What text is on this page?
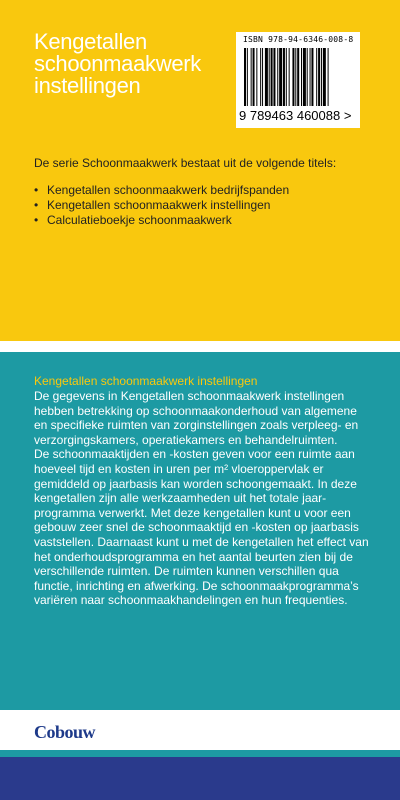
Kengetallen
schoonmaakwerk
instellingen
ISBN 978-94-6346-008-8
9 789463 460088 >

De serie Schoonmaakwerk bestaat uit de volgende titels:

• Kengetallen schoonmaakwerk bedrijfspanden
• Kengetallen schoonmaakwerk instellingen
• Calculatieboekje schoonmaakwerk
Kengetallen schoonmaakwerk instellingen

De gegevens in Kengetallen schoonmaakwerk instellingen
hebben betrekking op schoonmaakonderhoud van algemene
en specifieke ruimten van zorginstellingen zoals verpleeg- en
verzorgingskamers, operatiekamers en behandelruimten.
De schoonmaaktijden en -kosten geven voor een ruimte aan
hoeveel tijd en kosten in uren per m² vloeroppervlak er
gemiddeld op jaarbasis kan worden schoongemaakt. In deze
kengetallen zijn alle werkzaamheden uit het totale jaar-
programma verwerkt. Met deze kengetallen kunt u voor een
gebouw zeer snel de schoonmaaktijd en -kosten op jaarbasis
vaststellen. Daarnaast kunt u met de kengetallen het effect van
het onderhoudsprogramma en het aantal beurten zien bij de
verschillende ruimten. De ruimten kunnen verschillen qua
functie, inrichting en afwerking. De schoonmaakprogramma’s
variëren naar schoonmaakhandelingen en hun frequenties.

Cobouw
